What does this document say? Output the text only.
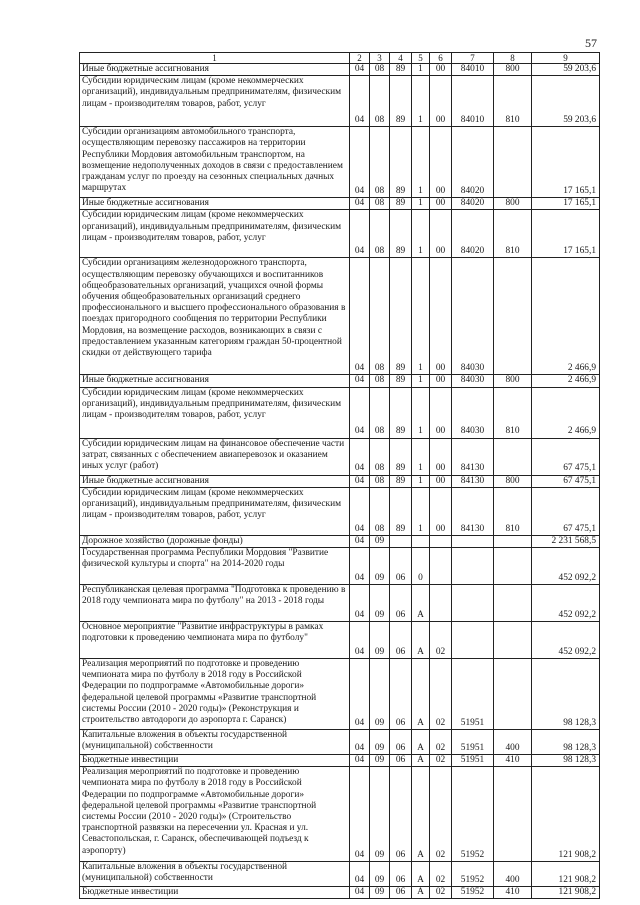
57
1	2	3	4	5	6	7	8	9
Иные бюджетные ассигнования	04	08	89	1	00	84010	800	59 203,6
Субсидии юридическим лицам (кроме некоммерческих организаций), индивидуальным предпринимателям, физическим лицам - производителям товаров, работ, услуг	04	08	89	1	00	84010	810	59 203,6
Субсидии организациям автомобильного транспорта, осуществляющим перевозку пассажиров на территории Республики Мордовия автомобильным транспортом, на возмещение недополученных доходов в связи с предоставлением гражданам услуг по проезду на сезонных специальных дачных маршрутах	04	08	89	1	00	84020		17 165,1
Иные бюджетные ассигнования	04	08	89	1	00	84020	800	17 165,1
Субсидии юридическим лицам (кроме некоммерческих организаций), индивидуальным предпринимателям, физическим лицам - производителям товаров, работ, услуг	04	08	89	1	00	84020	810	17 165,1
Субсидии организациям железнодорожного транспорта, осуществляющим перевозку обучающихся и воспитанников общеобразовательных организаций, учащихся очной формы обучения общеобразовательных организаций среднего профессионального и высшего профессионального образования в поездах пригородного сообщения по территории Республики Мордовия, на возмещение расходов, возникающих в связи с предоставлением указанным категориям граждан 50-процентной скидки от действующего тарифа	04	08	89	1	00	84030		2 466,9
Иные бюджетные ассигнования	04	08	89	1	00	84030	800	2 466,9
Субсидии юридическим лицам (кроме некоммерческих организаций), индивидуальным предпринимателям, физическим лицам - производителям товаров, работ, услуг	04	08	89	1	00	84030	810	2 466,9
Субсидии юридическим лицам на финансовое обеспечение части затрат, связанных с обеспечением авиаперевозок и оказанием иных услуг (работ)	04	08	89	1	00	84130		67 475,1
Иные бюджетные ассигнования	04	08	89	1	00	84130	800	67 475,1
Субсидии юридическим лицам (кроме некоммерческих организаций), индивидуальным предпринимателям, физическим лицам - производителям товаров, работ, услуг	04	08	89	1	00	84130	810	67 475,1
Дорожное хозяйство (дорожные фонды)	04	09						2 231 568,5
Государственная программа Республики Мордовия "Развитие физической культуры и спорта" на 2014-2020 годы	04	09	06	0				452 092,2
Республиканская целевая программа "Подготовка к проведению в 2018 году чемпионата мира по футболу" на 2013 - 2018 годы	04	09	06	А				452 092,2
Основное мероприятие "Развитие инфраструктуры в рамках подготовки к проведению чемпионата мира по футболу"	04	09	06	А	02			452 092,2
Реализация мероприятий по подготовке и проведению чемпионата мира по футболу в 2018 году в Российской Федерации по подпрограмме «Автомобильные дороги» федеральной целевой программы «Развитие транспортной системы России (2010 - 2020 годы)» (Реконструкция и строительство автодороги до аэропорта г. Саранск)	04	09	06	А	02	51951		98 128,3
Капитальные вложения в объекты государственной (муниципальной) собственности	04	09	06	А	02	51951	400	98 128,3
Бюджетные инвестиции	04	09	06	А	02	51951	410	98 128,3
Реализация мероприятий по подготовке и проведению чемпионата мира по футболу в 2018 году в Российской Федерации по подпрограмме «Автомобильные дороги» федеральной целевой программы «Развитие транспортной системы России (2010 - 2020 годы)» (Строительство транспортной развязки на пересечении ул. Красная и ул. Севастопольская, г. Саранск, обеспечивающей подъезд к аэропорту)	04	09	06	А	02	51952		121 908,2
Капитальные вложения в объекты государственной (муниципальной) собственности	04	09	06	А	02	51952	400	121 908,2
Бюджетные инвестиции	04	09	06	А	02	51952	410	121 908,2
